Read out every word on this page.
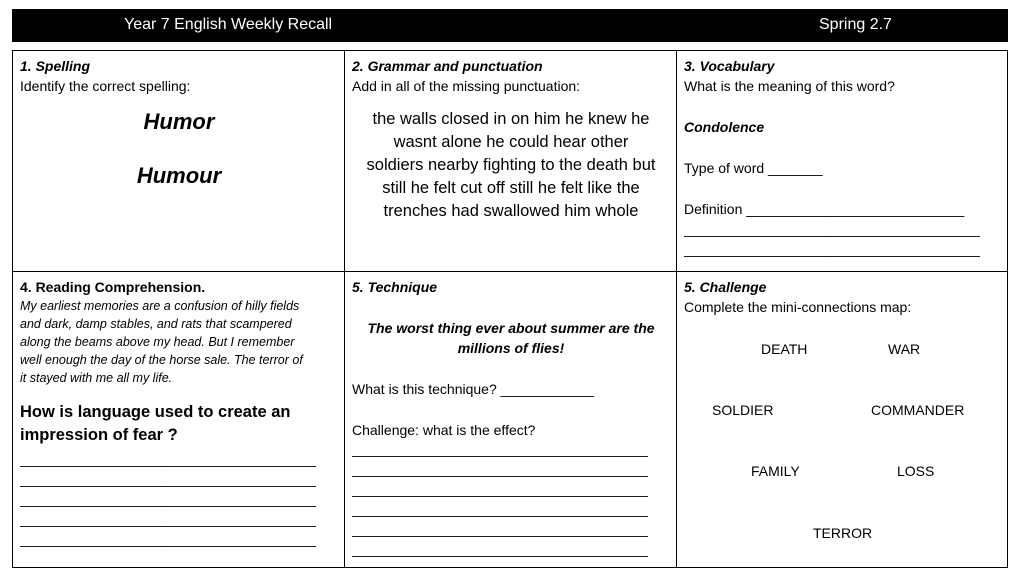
Year 7 English Weekly Recall	Spring 2.7
1. Spelling
Identify the correct spelling:
Humor
Humour
2. Grammar and punctuation
Add in all of the missing punctuation:
the walls closed in on him he knew he
wasnt alone he could hear other
soldiers nearby fighting to the death but
still he felt cut off still he felt like the
trenches had swallowed him whole
3. Vocabulary
What is the meaning of this word?
Condolence
Type of word _______
Definition ____________________________
______________________________________
______________________________________
4. Reading Comprehension.
My earliest memories are a confusion of hilly fields
and dark, damp stables, and rats that scampered
along the beams above my head. But I remember
well enough the day of the horse sale. The terror of
it stayed with me all my life.
How is language used to create an
impression of fear ?
______________________________________
______________________________________
______________________________________
______________________________________
______________________________________
5. Technique
The worst thing ever about summer are the
millions of flies!
What is this technique? ____________
Challenge: what is the effect?
______________________________________
______________________________________
______________________________________
______________________________________
______________________________________
______________________________________
5. Challenge
Complete the mini-connections map:
DEATH	WAR
SOLDIER	COMMANDER
FAMILY	LOSS
TERROR
